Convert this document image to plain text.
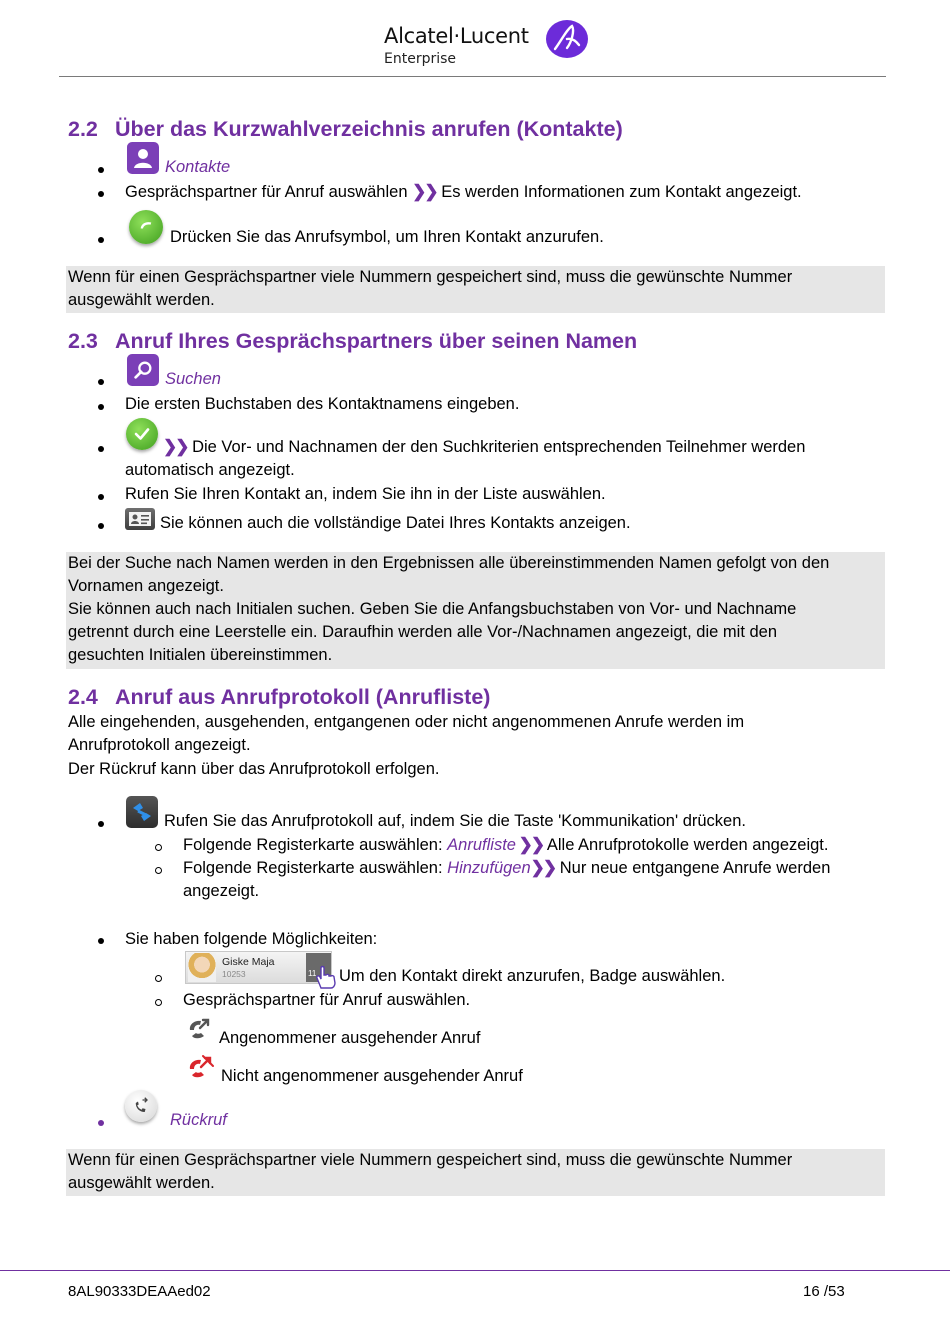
Alcatel·Lucent
Enterprise
2.2 Über das Kurzwahlverzeichnis anrufen (Kontakte)
Kontakte
Gesprächspartner für Anruf auswählen ❯❯ Es werden Informationen zum Kontakt angezeigt.
Drücken Sie das Anrufsymbol, um Ihren Kontakt anzurufen.
Wenn für einen Gesprächspartner viele Nummern gespeichert sind, muss die gewünschte Nummer
ausgewählt werden.
2.3 Anruf Ihres Gesprächspartners über seinen Namen
Suchen
Die ersten Buchstaben des Kontaktnamens eingeben.
❯❯ Die Vor- und Nachnamen der den Suchkriterien entsprechenden Teilnehmer werden
automatisch angezeigt.
Rufen Sie Ihren Kontakt an, indem Sie ihn in der Liste auswählen.
Sie können auch die vollständige Datei Ihres Kontakts anzeigen.
Bei der Suche nach Namen werden in den Ergebnissen alle übereinstimmenden Namen gefolgt von den
Vornamen angezeigt.
Sie können auch nach Initialen suchen. Geben Sie die Anfangsbuchstaben von Vor- und Nachname
getrennt durch eine Leerstelle ein. Daraufhin werden alle Vor-/Nachnamen angezeigt, die mit den
gesuchten Initialen übereinstimmen.
2.4 Anruf aus Anrufprotokoll (Anrufliste)
Alle eingehenden, ausgehenden, entgangenen oder nicht angenommenen Anrufe werden im
Anrufprotokoll angezeigt.
Der Rückruf kann über das Anrufprotokoll erfolgen.
Rufen Sie das Anrufprotokoll auf, indem Sie die Taste 'Kommunikation' drücken.
Folgende Registerkarte auswählen: Anrufliste ❯❯ Alle Anrufprotokolle werden angezeigt.
Folgende Registerkarte auswählen: Hinzufügen❯❯ Nur neue entgangene Anrufe werden
angezeigt.
Sie haben folgende Möglichkeiten:
Giske Maja
10253	11 Um den Kontakt direkt anzurufen, Badge auswählen.
Gesprächspartner für Anruf auswählen.
Angenommener ausgehender Anruf
Nicht angenommener ausgehender Anruf
Rückruf
Wenn für einen Gesprächspartner viele Nummern gespeichert sind, muss die gewünschte Nummer
ausgewählt werden.
8AL90333DEAAed02	16 /53
